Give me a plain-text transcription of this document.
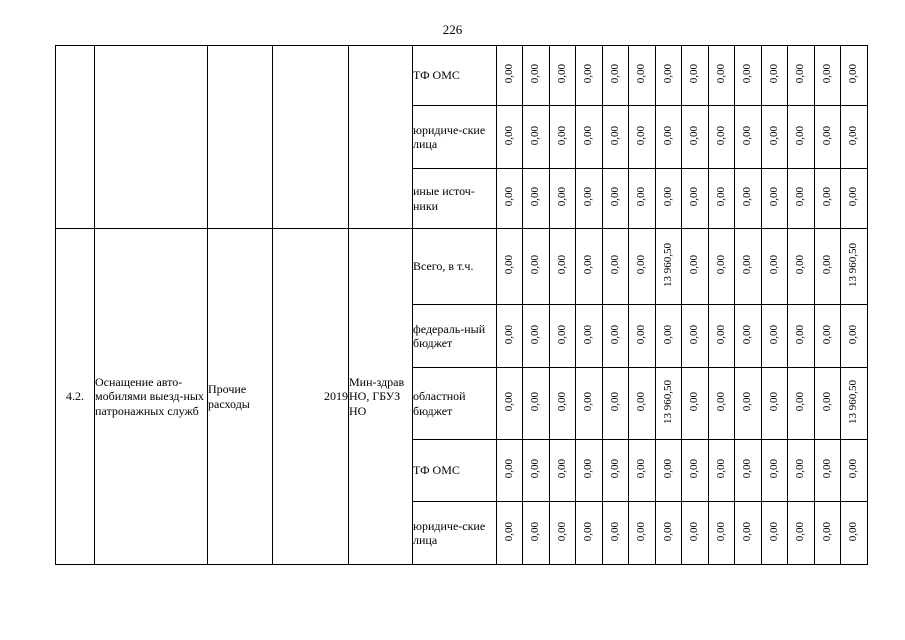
226
					ТФ ОМС	0,00	0,00	0,00	0,00	0,00	0,00	0,00	0,00	0,00	0,00	0,00	0,00	0,00	0,00
					юридиче-ские лица	0,00	0,00	0,00	0,00	0,00	0,00	0,00	0,00	0,00	0,00	0,00	0,00	0,00	0,00
					иные источ-ники	0,00	0,00	0,00	0,00	0,00	0,00	0,00	0,00	0,00	0,00	0,00	0,00	0,00	0,00
4.2.	Оснащение авто-мобилями выезд-ных патронажных служб	Прочие расходы	2019	Мин-здрав НО, ГБУЗ НО	Всего, в т.ч.	0,00	0,00	0,00	0,00	0,00	0,00	13 960,50	0,00	0,00	0,00	0,00	0,00	0,00	13 960,50
					федераль-ный бюджет	0,00	0,00	0,00	0,00	0,00	0,00	0,00	0,00	0,00	0,00	0,00	0,00	0,00	0,00
					областной бюджет	0,00	0,00	0,00	0,00	0,00	0,00	13 960,50	0,00	0,00	0,00	0,00	0,00	0,00	13 960,50
					ТФ ОМС	0,00	0,00	0,00	0,00	0,00	0,00	0,00	0,00	0,00	0,00	0,00	0,00	0,00	0,00
					юридиче-ские лица	0,00	0,00	0,00	0,00	0,00	0,00	0,00	0,00	0,00	0,00	0,00	0,00	0,00	0,00
